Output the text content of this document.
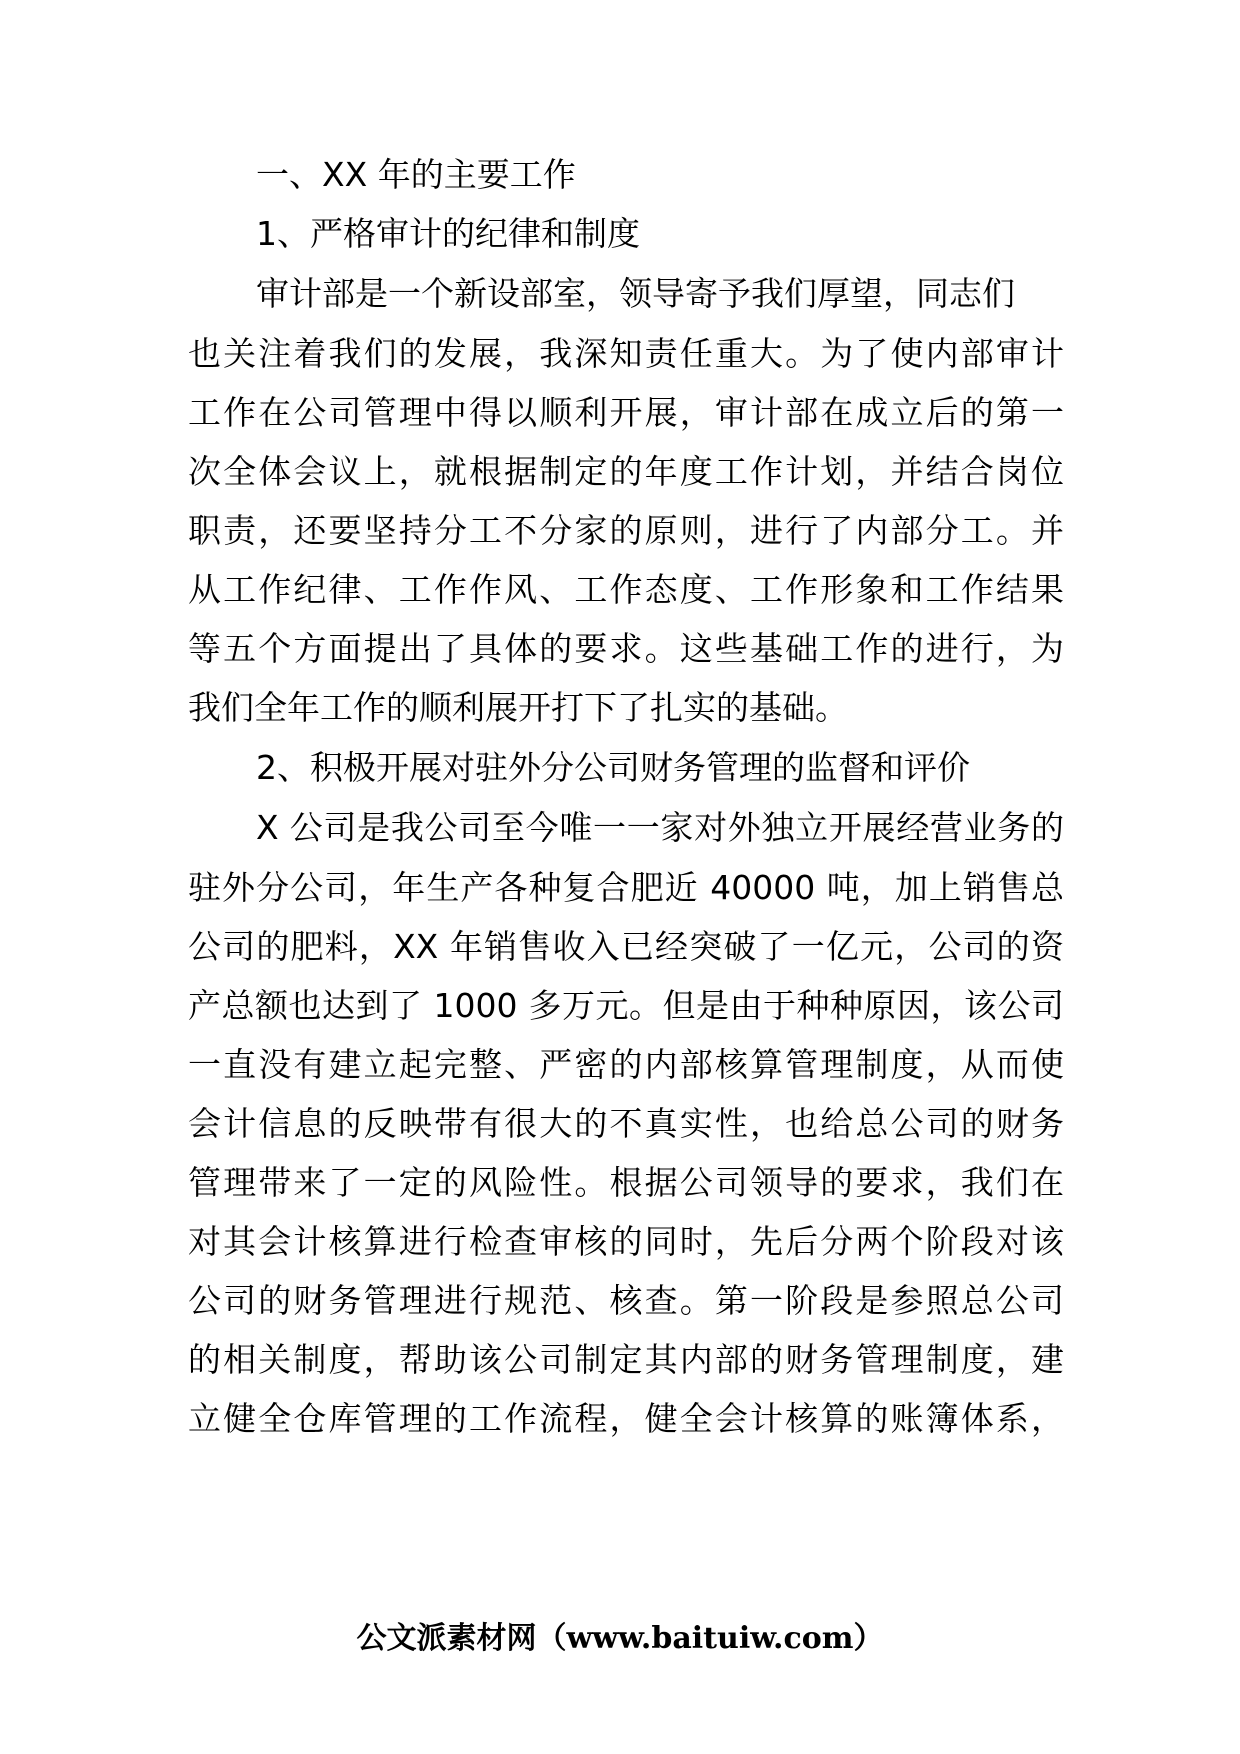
一、XX 年的主要工作
1、严格审计的纪律和制度
审计部是一个新设部室，领导寄予我们厚望，同志们
也关注着我们的发展，我深知责任重大。为了使内部审计
工作在公司管理中得以顺利开展，审计部在成立后的第一
次全体会议上，就根据制定的年度工作计划，并结合岗位
职责，还要坚持分工不分家的原则，进行了内部分工。并
从工作纪律、工作作风、工作态度、工作形象和工作结果
等五个方面提出了具体的要求。这些基础工作的进行，为
我们全年工作的顺利展开打下了扎实的基础。
2、积极开展对驻外分公司财务管理的监督和评价
X 公司是我公司至今唯一一家对外独立开展经营业务的
驻外分公司，年生产各种复合肥近 40000 吨，加上销售总
公司的肥料，XX 年销售收入已经突破了一亿元，公司的资
产总额也达到了 1000 多万元。但是由于种种原因，该公司
一直没有建立起完整、严密的内部核算管理制度，从而使
会计信息的反映带有很大的不真实性，也给总公司的财务
管理带来了一定的风险性。根据公司领导的要求，我们在
对其会计核算进行检查审核的同时，先后分两个阶段对该
公司的财务管理进行规范、核查。第一阶段是参照总公司
的相关制度，帮助该公司制定其内部的财务管理制度，建
立健全仓库管理的工作流程，健全会计核算的账簿体系，
公文派素材网（www.baituiw.com）
